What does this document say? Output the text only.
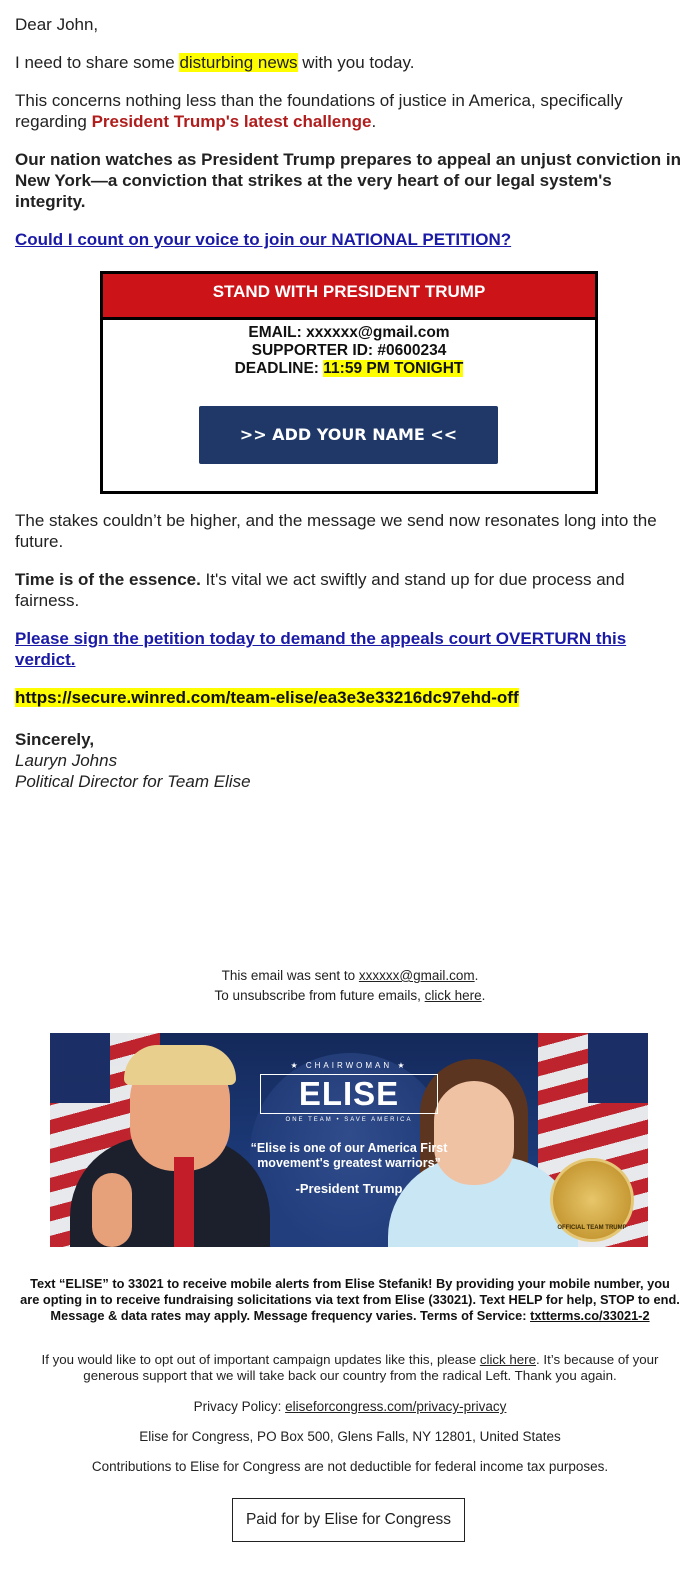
Dear John,

I need to share some disturbing news with you today.

This concerns nothing less than the foundations of justice in America, specifically regarding President Trump's latest challenge.

Our nation watches as President Trump prepares to appeal an unjust conviction in New York—a conviction that strikes at the very heart of our legal system's integrity.

Could I count on your voice to join our NATIONAL PETITION?

STAND WITH PRESIDENT TRUMP
EMAIL: xxxxxx@gmail.com
SUPPORTER ID: #0600234
DEADLINE: 11:59 PM TONIGHT
>> ADD YOUR NAME <<

The stakes couldn’t be higher, and the message we send now resonates long into the future.

Time is of the essence. It's vital we act swiftly and stand up for due process and fairness.

Please sign the petition today to demand the appeals court OVERTURN this verdict.

https://secure.winred.com/team-elise/ea3e3e33216dc97ehd-off

Sincerely,
Lauryn Johns
Political Director for Team Elise
This email was sent to xxxxxx@gmail.com.
To unsubscribe from future emails, click here.
★ CHAIRWOMAN ★
ELISE
ONE TEAM • SAVE AMERICA
“Elise is one of our America First movement's greatest warriors”
-President Trump
OFFICIAL TEAM TRUMP
Text “ELISE” to 33021 to receive mobile alerts from Elise Stefanik! By providing your mobile number, you are opting in to receive fundraising solicitations via text from Elise (33021). Text HELP for help, STOP to end. Message & data rates may apply. Message frequency varies. Terms of Service: txtterms.co/33021-2
If you would like to opt out of important campaign updates like this, please click here. It’s because of your generous support that we will take back our country from the radical Left. Thank you again.
Privacy Policy: eliseforcongress.com/privacy-privacy
Elise for Congress, PO Box 500, Glens Falls, NY 12801, United States
Contributions to Elise for Congress are not deductible for federal income tax purposes.
Paid for by Elise for Congress
